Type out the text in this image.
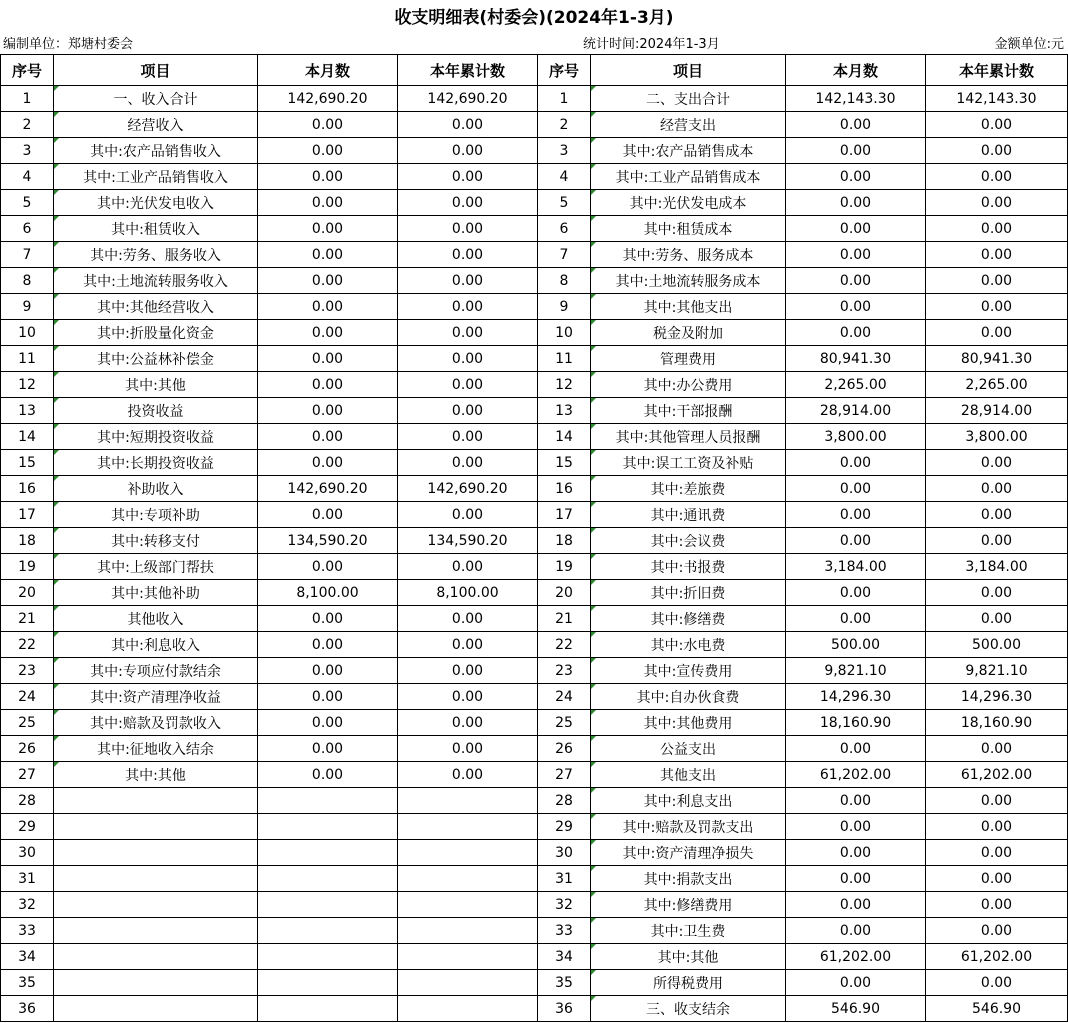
收支明细表(村委会)(2024年1-3月)
编制单位：郑塘村委会	统计时间:2024年1-3月	金额单位:元
序号	项目	本月数	本年累计数	序号	项目	本月数	本年累计数
1	一、收入合计	142,690.20	142,690.20	1	二、支出合计	142,143.30	142,143.30
2	经营收入	0.00	0.00	2	经营支出	0.00	0.00
3	其中:农产品销售收入	0.00	0.00	3	其中:农产品销售成本	0.00	0.00
4	其中:工业产品销售收入	0.00	0.00	4	其中:工业产品销售成本	0.00	0.00
5	其中:光伏发电收入	0.00	0.00	5	其中:光伏发电成本	0.00	0.00
6	其中:租赁收入	0.00	0.00	6	其中:租赁成本	0.00	0.00
7	其中:劳务、服务收入	0.00	0.00	7	其中:劳务、服务成本	0.00	0.00
8	其中:土地流转服务收入	0.00	0.00	8	其中:土地流转服务成本	0.00	0.00
9	其中:其他经营收入	0.00	0.00	9	其中:其他支出	0.00	0.00
10	其中:折股量化资金	0.00	0.00	10	税金及附加	0.00	0.00
11	其中:公益林补偿金	0.00	0.00	11	管理费用	80,941.30	80,941.30
12	其中:其他	0.00	0.00	12	其中:办公费用	2,265.00	2,265.00
13	投资收益	0.00	0.00	13	其中:干部报酬	28,914.00	28,914.00
14	其中:短期投资收益	0.00	0.00	14	其中:其他管理人员报酬	3,800.00	3,800.00
15	其中:长期投资收益	0.00	0.00	15	其中:误工工资及补贴	0.00	0.00
16	补助收入	142,690.20	142,690.20	16	其中:差旅费	0.00	0.00
17	其中:专项补助	0.00	0.00	17	其中:通讯费	0.00	0.00
18	其中:转移支付	134,590.20	134,590.20	18	其中:会议费	0.00	0.00
19	其中:上级部门帮扶	0.00	0.00	19	其中:书报费	3,184.00	3,184.00
20	其中:其他补助	8,100.00	8,100.00	20	其中:折旧费	0.00	0.00
21	其他收入	0.00	0.00	21	其中:修缮费	0.00	0.00
22	其中:利息收入	0.00	0.00	22	其中:水电费	500.00	500.00
23	其中:专项应付款结余	0.00	0.00	23	其中:宣传费用	9,821.10	9,821.10
24	其中:资产清理净收益	0.00	0.00	24	其中:自办伙食费	14,296.30	14,296.30
25	其中:赔款及罚款收入	0.00	0.00	25	其中:其他费用	18,160.90	18,160.90
26	其中:征地收入结余	0.00	0.00	26	公益支出	0.00	0.00
27	其中:其他	0.00	0.00	27	其他支出	61,202.00	61,202.00
28				28	其中:利息支出	0.00	0.00
29				29	其中:赔款及罚款支出	0.00	0.00
30				30	其中:资产清理净损失	0.00	0.00
31				31	其中:捐款支出	0.00	0.00
32				32	其中:修缮费用	0.00	0.00
33				33	其中:卫生费	0.00	0.00
34				34	其中:其他	61,202.00	61,202.00
35				35	所得税费用	0.00	0.00
36				36	三、收支结余	546.90	546.90
